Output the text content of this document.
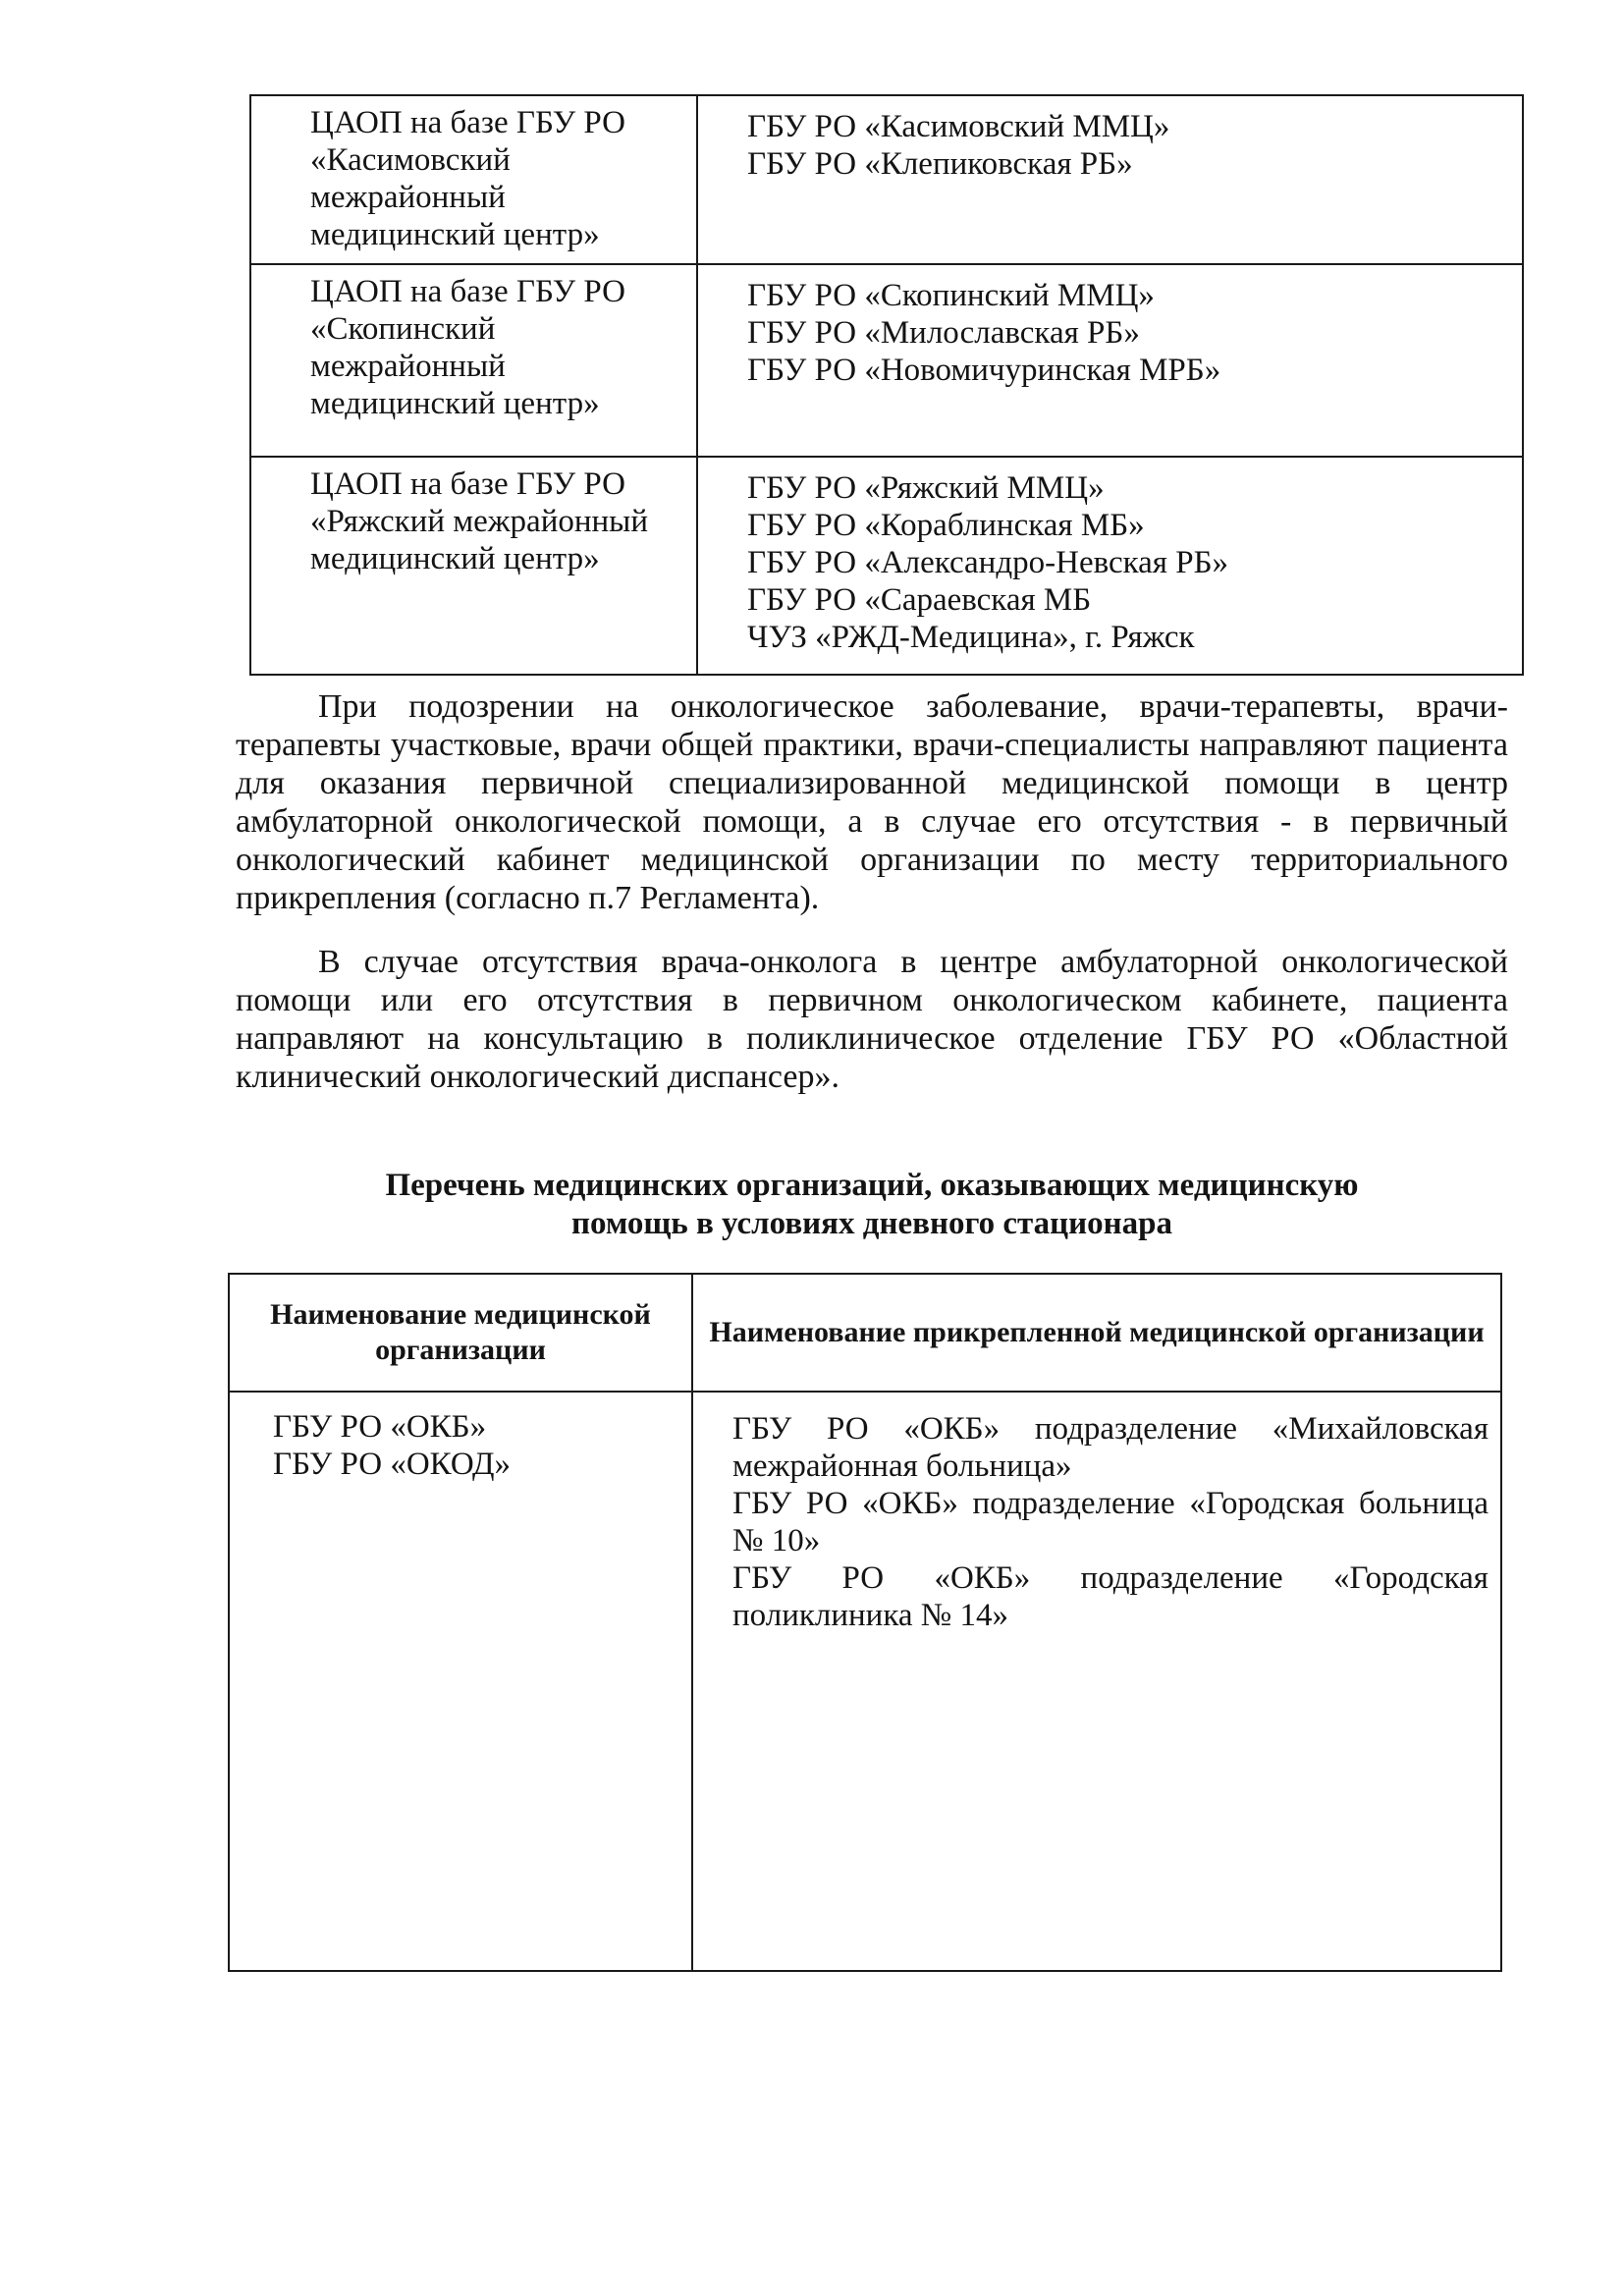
ЦАОП на базе ГБУ РО
«Касимовский
межрайонный
медицинский центр»	ГБУ РО «Касимовский ММЦ»
ГБУ РО «Клепиковская РБ»

ЦАОП на базе ГБУ РО
«Скопинский
межрайонный
медицинский центр»	ГБУ РО «Скопинский ММЦ»
ГБУ РО «Милославская РБ»
ГБУ РО «Новомичуринская МРБ»

ЦАОП на базе ГБУ РО
«Ряжский межрайонный
медицинский центр»	ГБУ РО «Ряжский ММЦ»
ГБУ РО «Кораблинская МБ»
ГБУ РО «Александро-Невская РБ»
ГБУ РО «Сараевская МБ
ЧУЗ «РЖД-Медицина», г. Ряжск

При подозрении на онкологическое заболевание, врачи-терапевты, врачи-терапевты участковые, врачи общей практики, врачи-специалисты направляют пациента для оказания первичной специализированной медицинской помощи в центр амбулаторной онкологической помощи, а в случае его отсутствия - в первичный онкологический кабинет медицинской организации по месту территориального прикрепления (согласно п.7 Регламента).

В случае отсутствия врача-онколога в центре амбулаторной онкологической помощи или его отсутствия в первичном онкологическом кабинете, пациента направляют на консультацию в поликлиническое отделение ГБУ РО «Областной клинический онкологический диспансер».

Перечень медицинских организаций, оказывающих медицинскую
помощь в условиях дневного стационара
Наименование медицинской организации	Наименование прикрепленной медицинской организации

ГБУ РО «ОКБ»
ГБУ РО «ОКОД»	ГБУ РО «ОКБ» подразделение «Михайловская межрайонная больница»
ГБУ РО «ОКБ» подразделение «Городская больница № 10»
ГБУ РО «ОКБ» подразделение «Городская поликлиника № 14»
